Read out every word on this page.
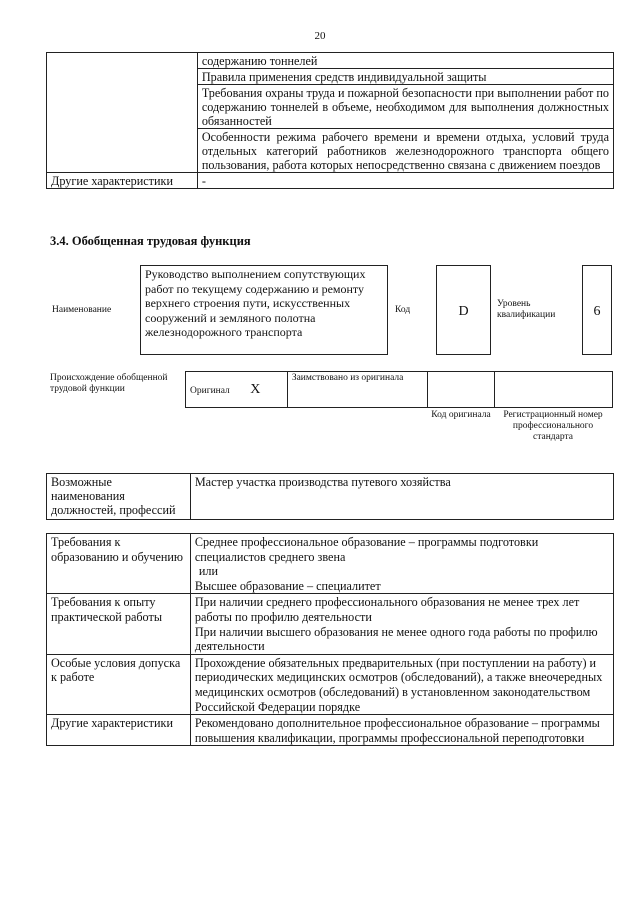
20
	содержанию тоннелей
	Правила применения средств индивидуальной защиты
	Требования охраны труда и пожарной безопасности при выполнении работ по содержанию тоннелей в объеме, необходимом для выполнения должностных обязанностей
	Особенности режима рабочего времени и времени отдыха, условий труда отдельных категорий работников железнодорожного транспорта общего пользования, работа которых непосредственно связана с движением поездов
Другие характеристики	-
3.4. Обобщенная трудовая функция
Наименование
Руководство выполнением сопутствующих работ по текущему содержанию и ремонту верхнего строения пути, искусственных сооружений и земляного полотна железнодорожного транспорта
Код	D	Уровень квалификации	6
Происхождение обобщенной трудовой функции	Оригинал X	Заимствовано из оригинала		
Код оригинала Регистрационный номер профессионального стандарта
Возможные наименования должностей, профессий	Мастер участка производства путевого хозяйства
Требования к образованию и обучению	Среднее профессиональное образование – программы подготовки специалистов среднего звена

или

Высшее образование – специалитет

Требования к опыту практической работы	При наличии среднего профессионального образования не менее трех лет работы по профилю деятельности

При наличии высшего образования не менее одного года работы по профилю деятельности

Особые условия допуска к работе	Прохождение обязательных предварительных (при поступлении на работу) и периодических медицинских осмотров (обследований), а также внеочередных медицинских осмотров (обследований) в установленном законодательством Российской Федерации порядке

Другие характеристики	Рекомендовано дополнительное профессиональное образование – программы повышения квалификации, программы профессиональной переподготовки
